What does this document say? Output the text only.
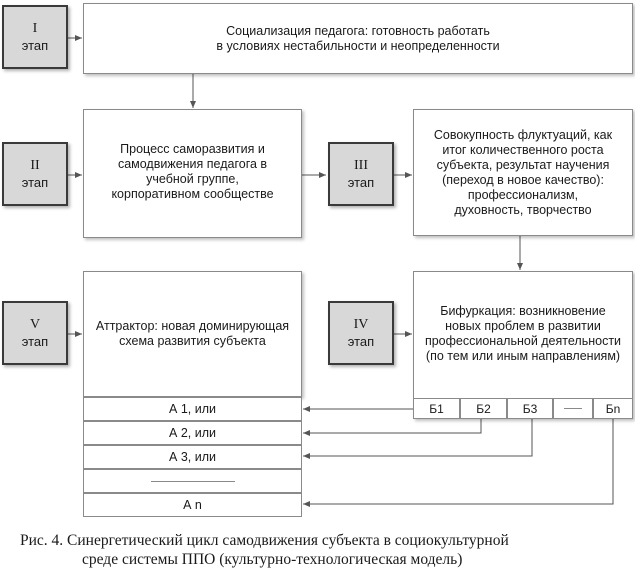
I
этап
Социализация педагога: готовность работать
в условиях нестабильности и неопределенности
II
этап
Процесс саморазвития и
самодвижения педагога в
учебной группе,
корпоративном сообществе
III
этап
Совокупность флуктуаций, как
итог количественного роста
субъекта, результат научения
(переход в новое качество):
профессионализм,
духовность, творчество
V
этап
Аттрактор: новая доминирующая
схема развития субъекта
А 1, или
А 2, или
А 3, или
А n
IV
этап
Бифуркация: возникновение
новых проблем в развитии
профессиональной деятельности
(по тем или иным направлениям)
Б1	Б2	Б3	Бn
Рис. 4. Синергетический цикл самодвижения субъекта в социокультурной
среде системы ППО (культурно-технологическая модель)
